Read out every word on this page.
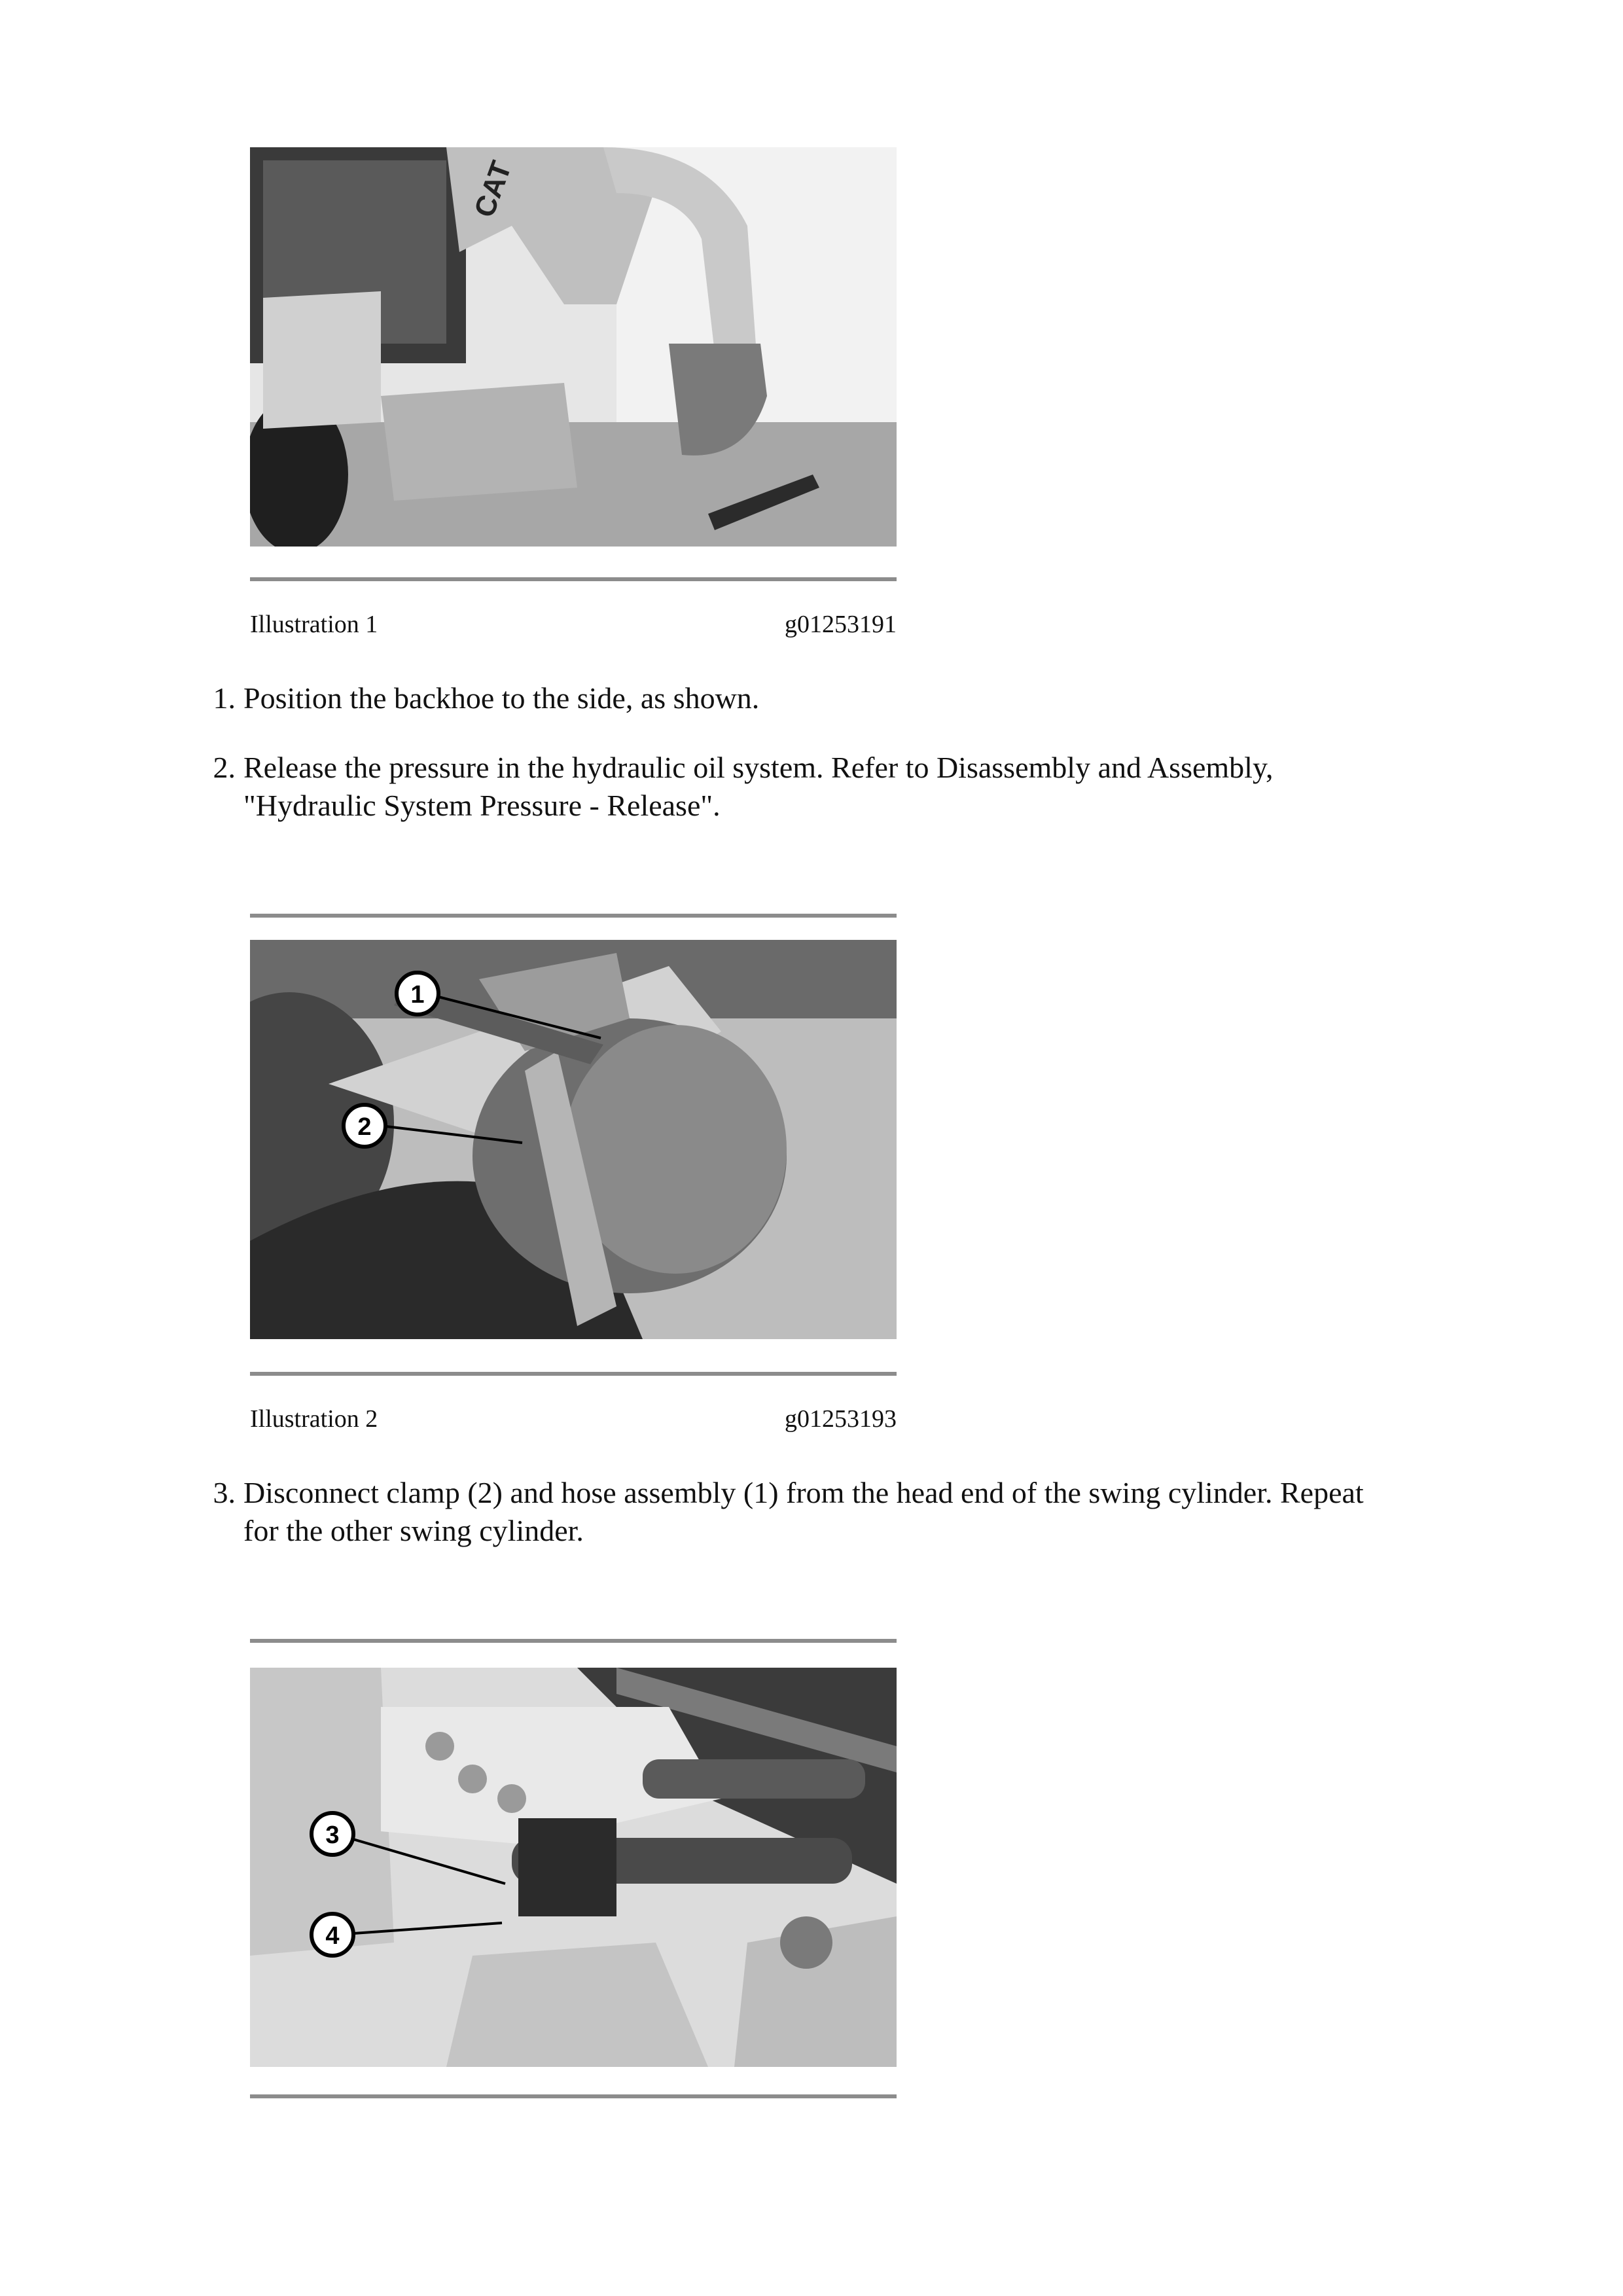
CAT
Illustration 1	g01253191
1. Position the backhoe to the side, as shown.
2. Release the pressure in the hydraulic oil system. Refer to Disassembly and Assembly,
"Hydraulic System Pressure - Release".
1
2
Illustration 2	g01253193
3. Disconnect clamp (2) and hose assembly (1) from the head end of the swing cylinder. Repeat
for the other swing cylinder.
3
4
